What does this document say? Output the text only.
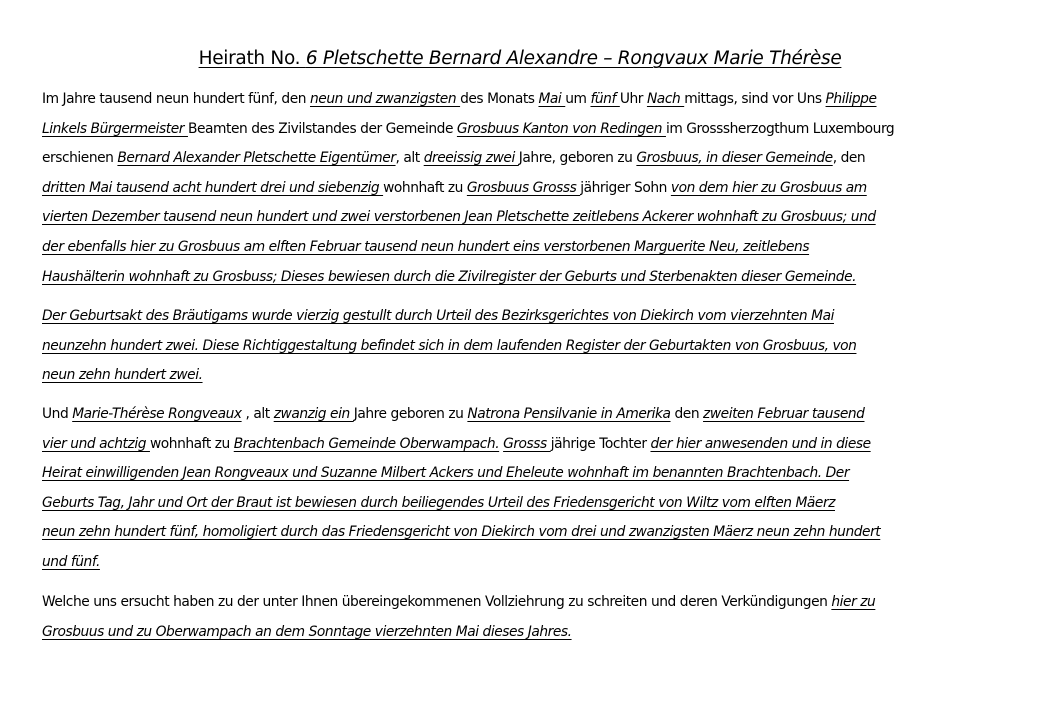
Heirath No. 6 Pletschette Bernard Alexandre – Rongvaux Marie Thérèse
Im Jahre tausend neun hundert fünf, den neun und zwanzigsten des Monats Mai um fünf Uhr Nach mittags, sind vor Uns Philippe
Linkels Bürgermeister Beamten des Zivilstandes der Gemeinde Grosbuus Kanton von Redingen im Grosssherzogthum Luxembourg
erschienen Bernard Alexander Pletschette Eigentümer, alt dreeissig zwei Jahre, geboren zu Grosbuus, in dieser Gemeinde, den
dritten Mai tausend acht hundert drei und siebenzig wohnhaft zu Grosbuus Grosss jähriger Sohn von dem hier zu Grosbuus am
vierten Dezember tausend neun hundert und zwei verstorbenen Jean Pletschette zeitlebens Ackerer wohnhaft zu Grosbuus; und
der ebenfalls hier zu Grosbuus am elften Februar tausend neun hundert eins verstorbenen Marguerite Neu, zeitlebens
Haushälterin wohnhaft zu Grosbuss; Dieses bewiesen durch die Zivilregister der Geburts und Sterbenakten dieser Gemeinde.
Der Geburtsakt des Bräutigams wurde vierzig gestullt durch Urteil des Bezirksgerichtes von Diekirch vom vierzehnten Mai
neunzehn hundert zwei. Diese Richtiggestaltung befindet sich in dem laufenden Register der Geburtakten von Grosbuus, von
neun zehn hundert zwei.
Und Marie-Thérèse Rongveaux , alt zwanzig ein Jahre geboren zu Natrona Pensilvanie in Amerika den zweiten Februar tausend
vier und achtzig wohnhaft zu Brachtenbach Gemeinde Oberwampach. Grosss jährige Tochter der hier anwesenden und in diese
Heirat einwilligenden Jean Rongveaux und Suzanne Milbert Ackers und Eheleute wohnhaft im benannten Brachtenbach. Der
Geburts Tag, Jahr und Ort der Braut ist bewiesen durch beiliegendes Urteil des Friedensgericht von Wiltz vom elften Mäerz
neun zehn hundert fünf, homoligiert durch das Friedensgericht von Diekirch vom drei und zwanzigsten Mäerz neun zehn hundert
und fünf.
Welche uns ersucht haben zu der unter Ihnen übereingekommenen Vollziehrung zu schreiten und deren Verkündigungen hier zu
Grosbuus und zu Oberwampach an dem Sonntage vierzehnten Mai dieses Jahres.
